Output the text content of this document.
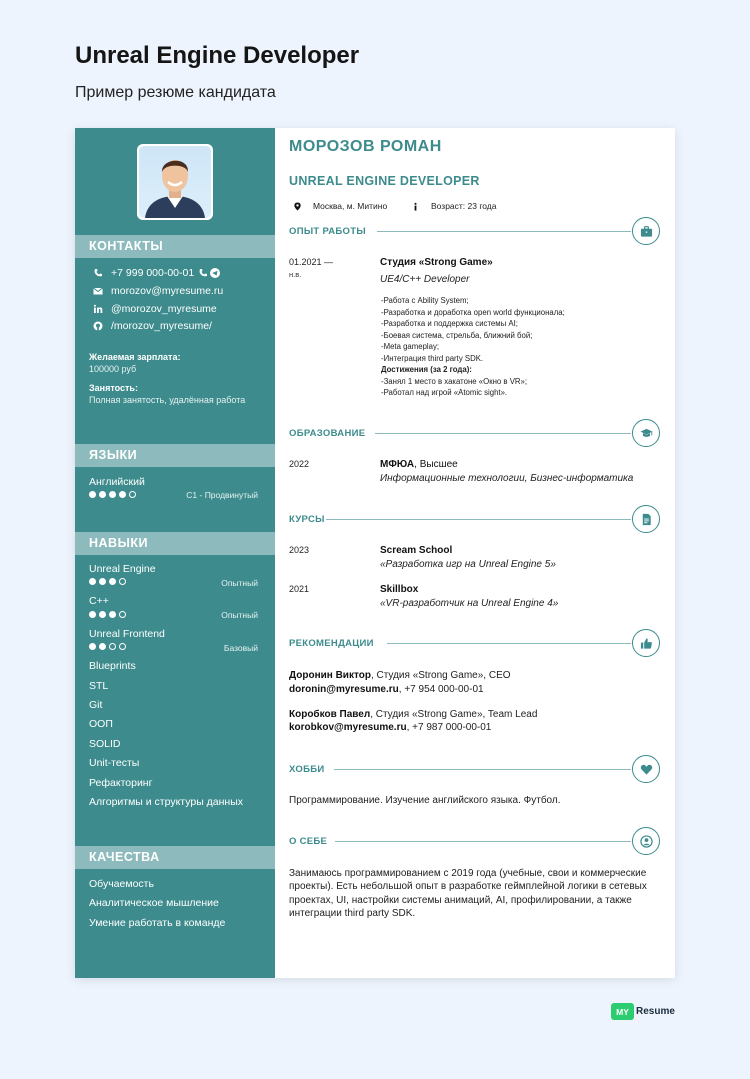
Unreal Engine Developer
Пример резюме кандидата
КОНТАКТЫ
+7 999 000-00-01
morozov@myresume.ru
@morozov_myresume
/morozov_myresume/
Желаемая зарплата:
100000 руб
Занятость:
Полная занятость, удалённая работа
ЯЗЫКИ
Английский
C1 - Продвинутый
НАВЫКИ
Unreal Engine
Опытный
C++
Опытный
Unreal Frontend
Базовый
Blueprints
STL
Git
ООП
SOLID
Unit-тесты
Рефакторинг
Алгоритмы и структуры данных
КАЧЕСТВА
Обучаемость
Аналитическое мышление
Умение работать в команде
МОРОЗОВ РОМАН
UNREAL ENGINE DEVELOPER
Москва, м. Митино	Возраст: 23 года
ОПЫТ РАБОТЫ
01.2021 —
н.в.
Студия «Strong Game»
UE4/C++ Developer
-Работа с Ability System;
-Разработка и доработка open world функционала;
-Разработка и поддержка системы AI;
-Боевая система, стрельба, ближний бой;
-Meta gameplay;
-Интеграция third party SDK.
Достижения (за 2 года):
-Занял 1 место в хакатоне «Окно в VR»;
-Работал над игрой «Atomic sight».
ОБРАЗОВАНИЕ
2022	МФЮА, Высшее
Информационные технологии, Бизнес-информатика
КУРСЫ
2023	Scream School
«Разработка игр на Unreal Engine 5»
2021	Skillbox
«VR-разработчик на Unreal Engine 4»
РЕКОМЕНДАЦИИ
Доронин Виктор, Студия «Strong Game», CEO
doronin@myresume.ru, +7 954 000-00-01
Коробков Павел, Студия «Strong Game», Team Lead
korobkov@myresume.ru, +7 987 000-00-01
ХОББИ
Программирование. Изучение английского языка. Футбол.
О СЕБЕ
Занимаюсь программированием с 2019 года (учебные, свои и коммерческие проекты). Есть небольшой опыт в разработке геймплейной логики в сетевых проектах, UI, настройки системы анимаций, AI, профилировании, а также интеграции third party SDK.
MY Resume
